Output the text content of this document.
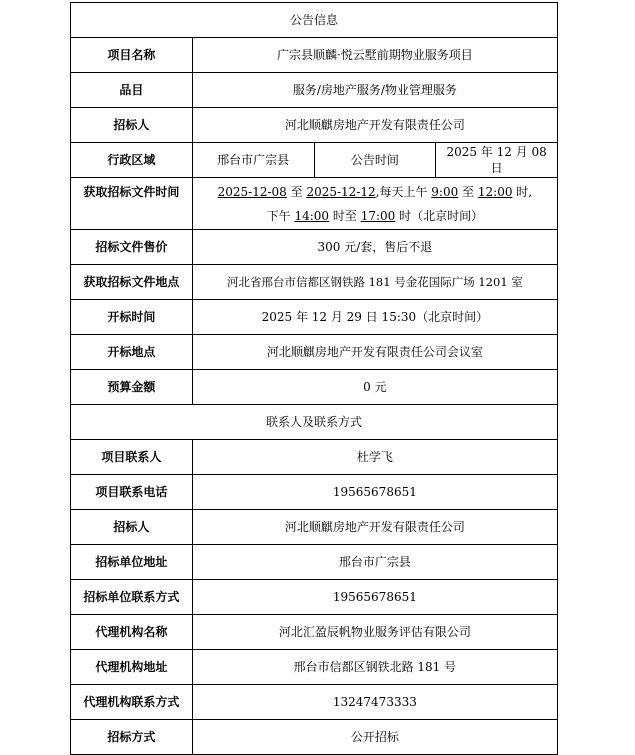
公告信息			
项目名称	广宗县顺麟·悦云墅前期物业服务项目		
品目	服务/房地产服务/物业管理服务		
招标人	河北顺麒房地产开发有限责任公司		
行政区域	邢台市广宗县	公告时间	2025 年 12 月 08 日
获取招标文件时间	2025-12-08 至 2025-12-12,每天上午 9:00 至 12:00 时,
下午 14:00 时至 17:00 时（北京时间）		

招标文件售价	300 元/套，售后不退		
获取招标文件地点	河北省邢台市信都区钢铁路 181 号金花国际广场 1201 室		
开标时间	2025 年 12 月 29 日 15:30（北京时间）		
开标地点	河北顺麒房地产开发有限责任公司会议室		
预算金额	0 元		
联系人及联系方式			
项目联系人	杜学飞		
项目联系电话	19565678651		
招标人	河北顺麒房地产开发有限责任公司		
招标单位地址	邢台市广宗县		
招标单位联系方式	19565678651		
代理机构名称	河北汇盈辰帆物业服务评估有限公司		
代理机构地址	邢台市信都区钢铁北路 181 号		
代理机构联系方式	13247473333		
招标方式	公开招标		
